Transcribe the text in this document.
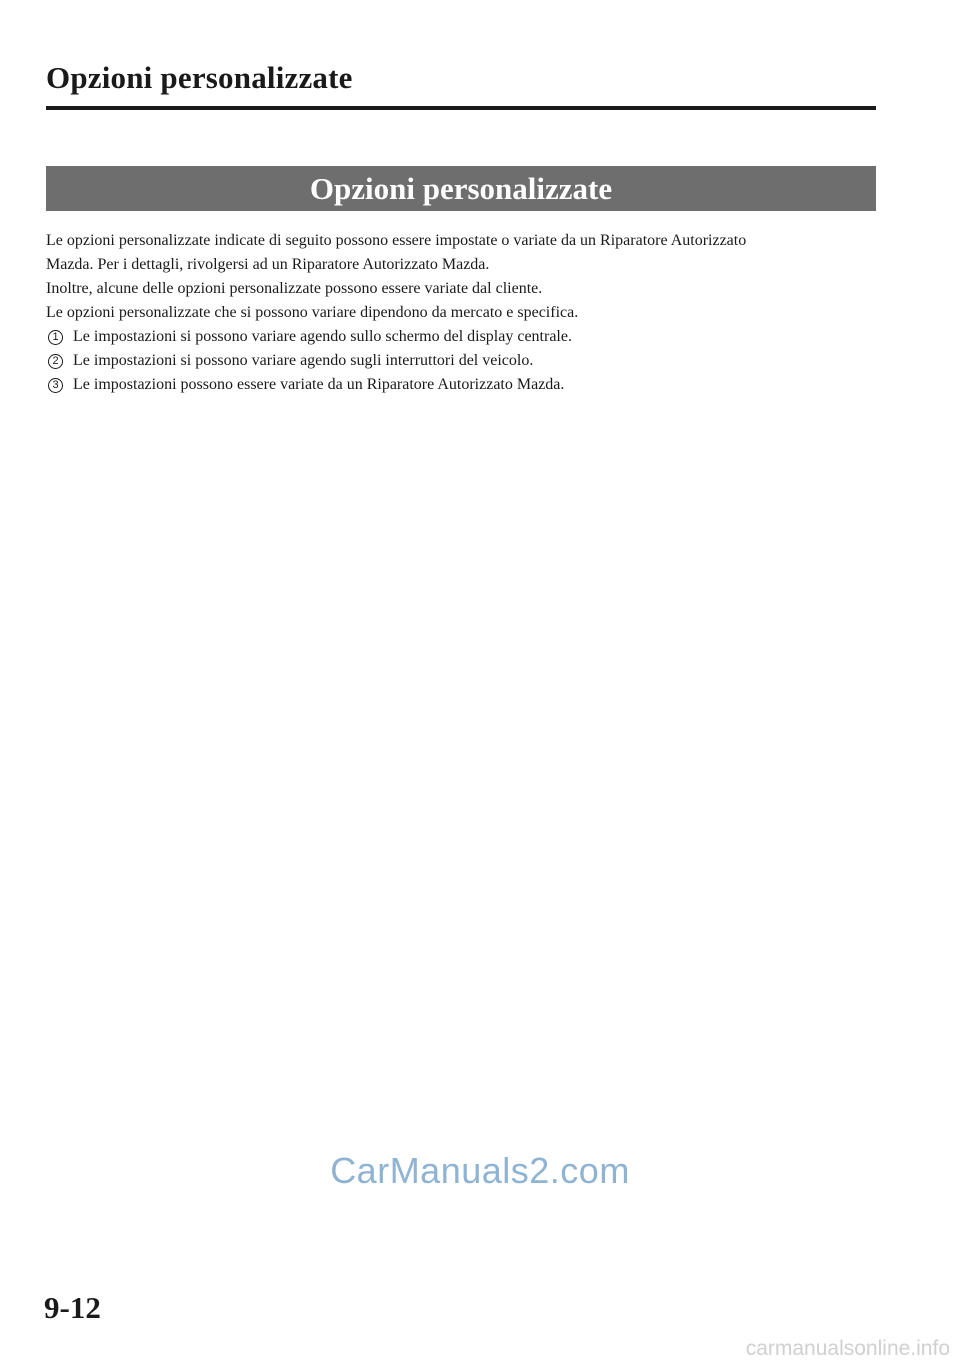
Opzioni personalizzate
Opzioni personalizzate

Le opzioni personalizzate indicate di seguito possono essere impostate o variate da un Riparatore Autorizzato

Mazda. Per i dettagli, rivolgersi ad un Riparatore Autorizzato Mazda.

Inoltre, alcune delle opzioni personalizzate possono essere variate dal cliente.

Le opzioni personalizzate che si possono variare dipendono da mercato e specifica.

1 Le impostazioni si possono variare agendo sullo schermo del display centrale.
2 Le impostazioni si possono variare agendo sugli interruttori del veicolo.
3 Le impostazioni possono essere variate da un Riparatore Autorizzato Mazda.
CarManuals2.com
9-12
carmanualsonline.info
